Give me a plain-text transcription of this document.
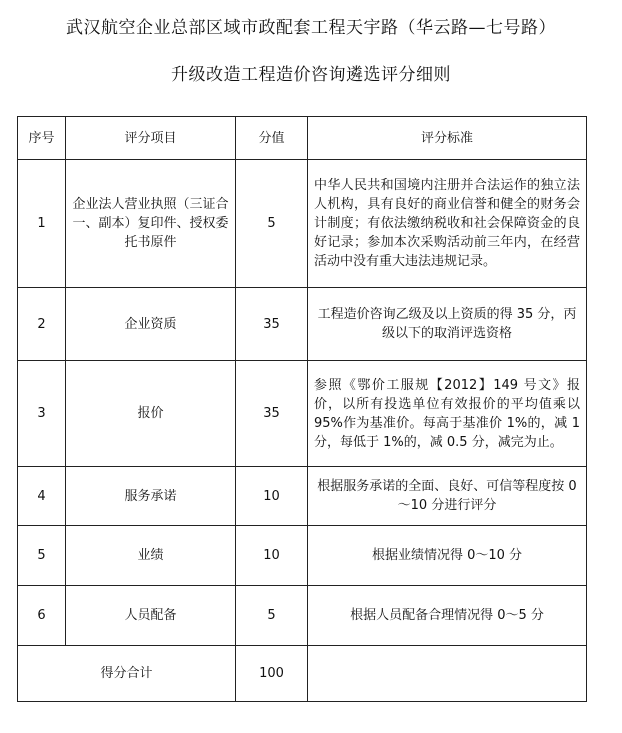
武汉航空企业总部区域市政配套工程天宇路（华云路—七号路）
升级改造工程造价咨询遴选评分细则
序号	评分项目	分值	评分标准
1	企业法人营业执照（三证合一、副本）复印件、授权委托书原件	5	中华人民共和国境内注册并合法运作的独立法人机构，具有良好的商业信誉和健全的财务会计制度；有依法缴纳税收和社会保障资金的良好记录；参加本次采购活动前三年内，在经营活动中没有重大违法违规记录。
2	企业资质	35	工程造价咨询乙级及以上资质的得 35 分，丙级以下的取消评选资格
3	报价	35	参照《鄂价工服规【2012】149 号文》报价，以所有投选单位有效报价的平均值乘以 95%作为基准价。每高于基准价 1%的，减 1 分，每低于 1%的，减 0.5 分，减完为止。
4	服务承诺	10	根据服务承诺的全面、良好、可信等程度按 0～10 分进行评分
5	业绩	10	根据业绩情况得 0～10 分
6	人员配备	5	根据人员配备合理情况得 0～5 分
得分合计		100	
